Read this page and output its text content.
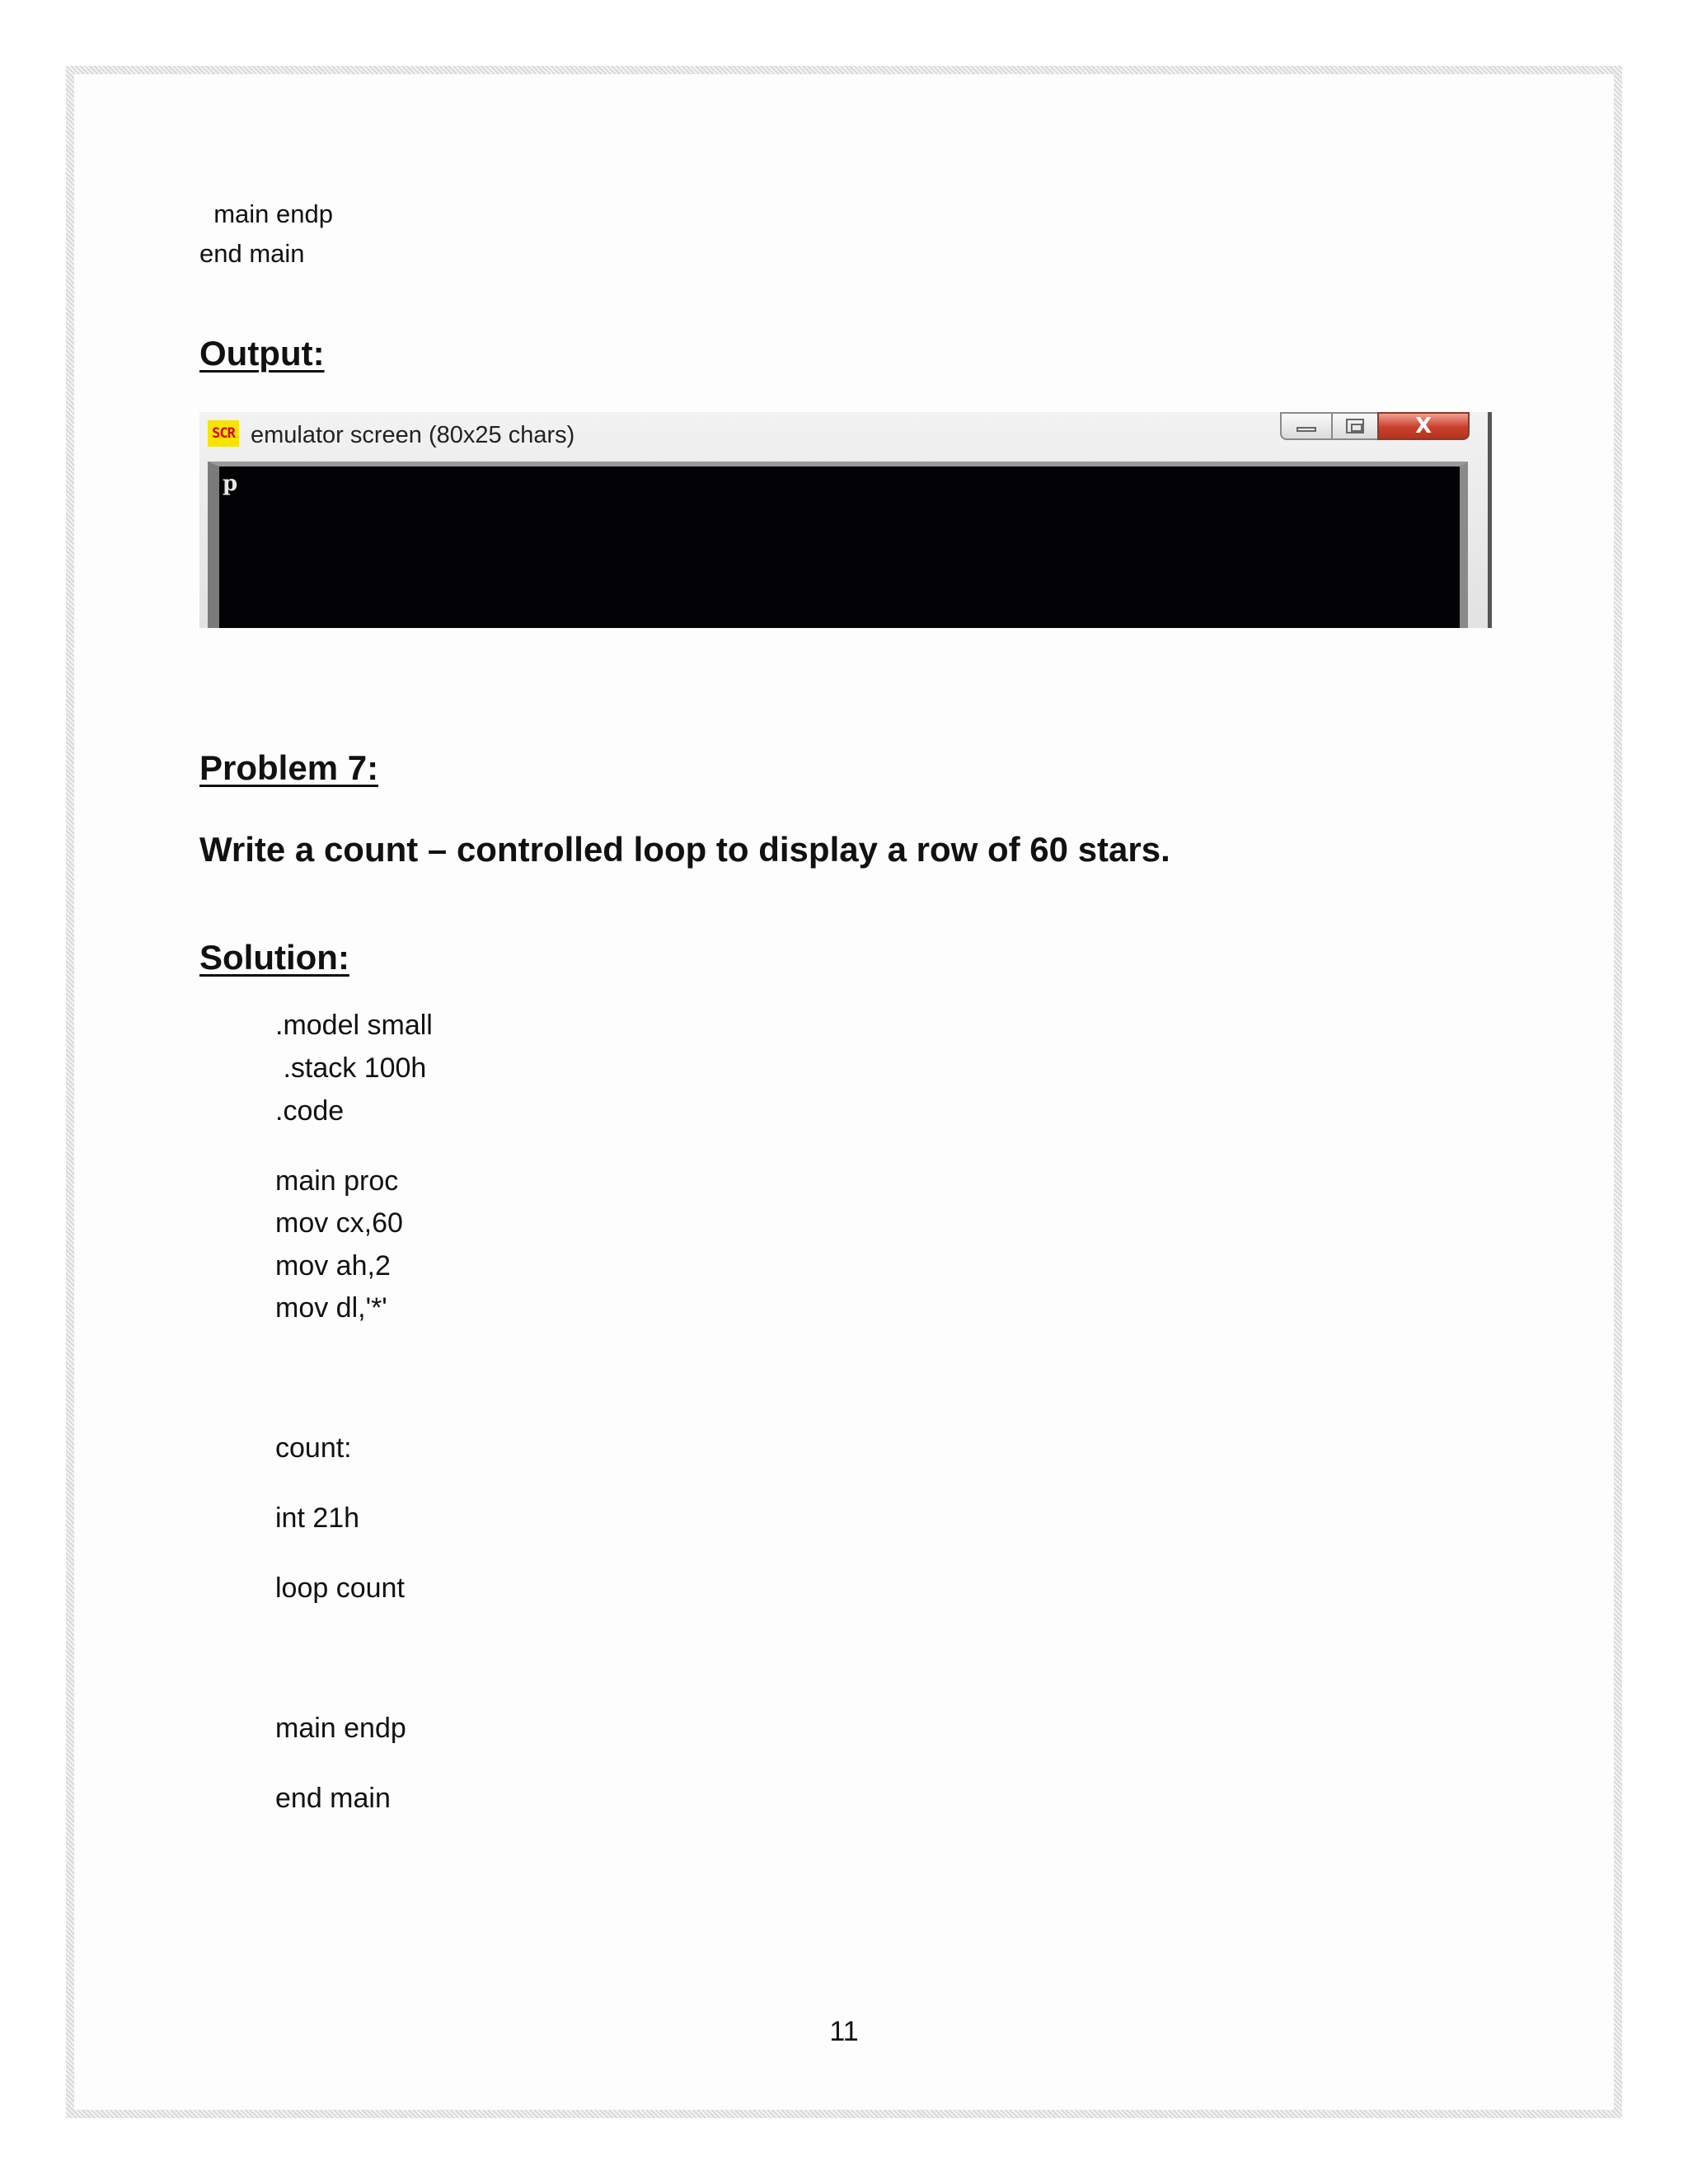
main endp
end main
Output:
SCR emulator screen (80x25 chars)	X
p
Problem 7:
Write a count – controlled loop to display a row of 60 stars.
Solution:
.model small
.stack 100h
.code
main proc
mov cx,60
mov ah,2
mov dl,'*'
count:
int 21h
loop count
main endp
end main
11
